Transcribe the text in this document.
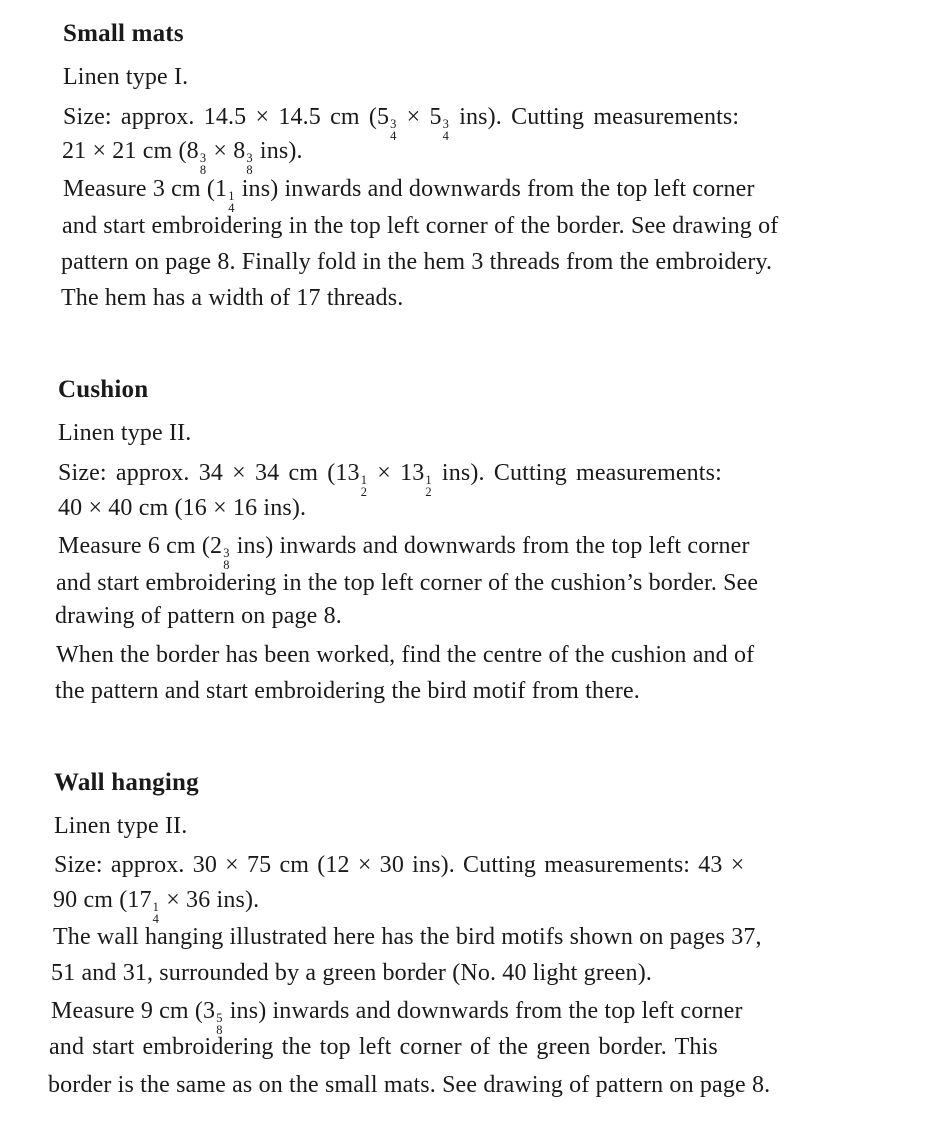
Small mats
Linen type I.
Size: approx. 14.5 × 14.5 cm (5 3
4
× 5 3
4
ins). Cutting measurements:
21 × 21 cm (8 3
8
× 8 3
8
ins).
Measure 3 cm (1 1
4
ins) inwards and downwards from the top left corner
and start embroidering in the top left corner of the border. See drawing of
pattern on page 8. Finally fold in the hem 3 threads from the embroidery.
The hem has a width of 17 threads.
Cushion
Linen type II.
Size: approx. 34 × 34 cm (13 1
2
× 13 1
2
ins). Cutting measurements:
40 × 40 cm (16 × 16 ins).
Measure 6 cm (2 3
8
ins) inwards and downwards from the top left corner
and start embroidering in the top left corner of the cushion’s border. See
drawing of pattern on page 8.
When the border has been worked, find the centre of the cushion and of
the pattern and start embroidering the bird motif from there.
Wall hanging
Linen type II.
Size: approx. 30 × 75 cm (12 × 30 ins). Cutting measurements: 43 ×
90 cm (17 1
4
× 36 ins).
The wall hanging illustrated here has the bird motifs shown on pages 37,
51 and 31, surrounded by a green border (No. 40 light green).
Measure 9 cm (3 5
8
ins) inwards and downwards from the top left corner
and start embroidering the top left corner of the green border. This
border is the same as on the small mats. See drawing of pattern on page 8.
